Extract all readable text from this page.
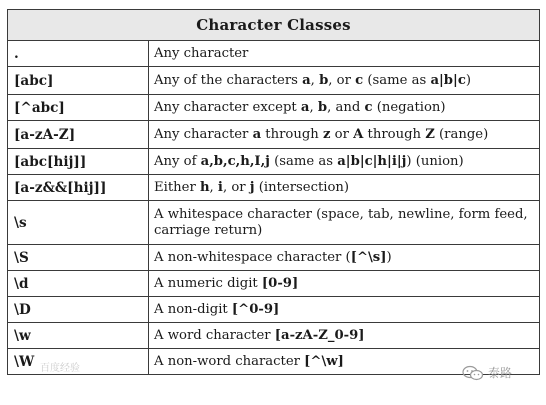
Character Classes	
.	Any character
[abc]	Any of the characters a, b, or c (same as a|b|c)
[^abc]	Any character except a, b, and c (negation)
[a-zA-Z]	Any character a through z or A through Z (range)
[abc[hij]]	Any of a,b,c,h,I,j (same as a|b|c|h|i|j) (union)
[a-z&&[hij]]	Either h, i, or j (intersection)
\s	A whitespace character (space, tab, newline, form feed, carriage return)
\S	A non-whitespace character ([^\s])
\d	A numeric digit [0-9]
\D	A non-digit [^0-9]
\w	A word character [a-zA-Z_0-9]
\W	A non-word character [^\w]
百度经验	泰路
